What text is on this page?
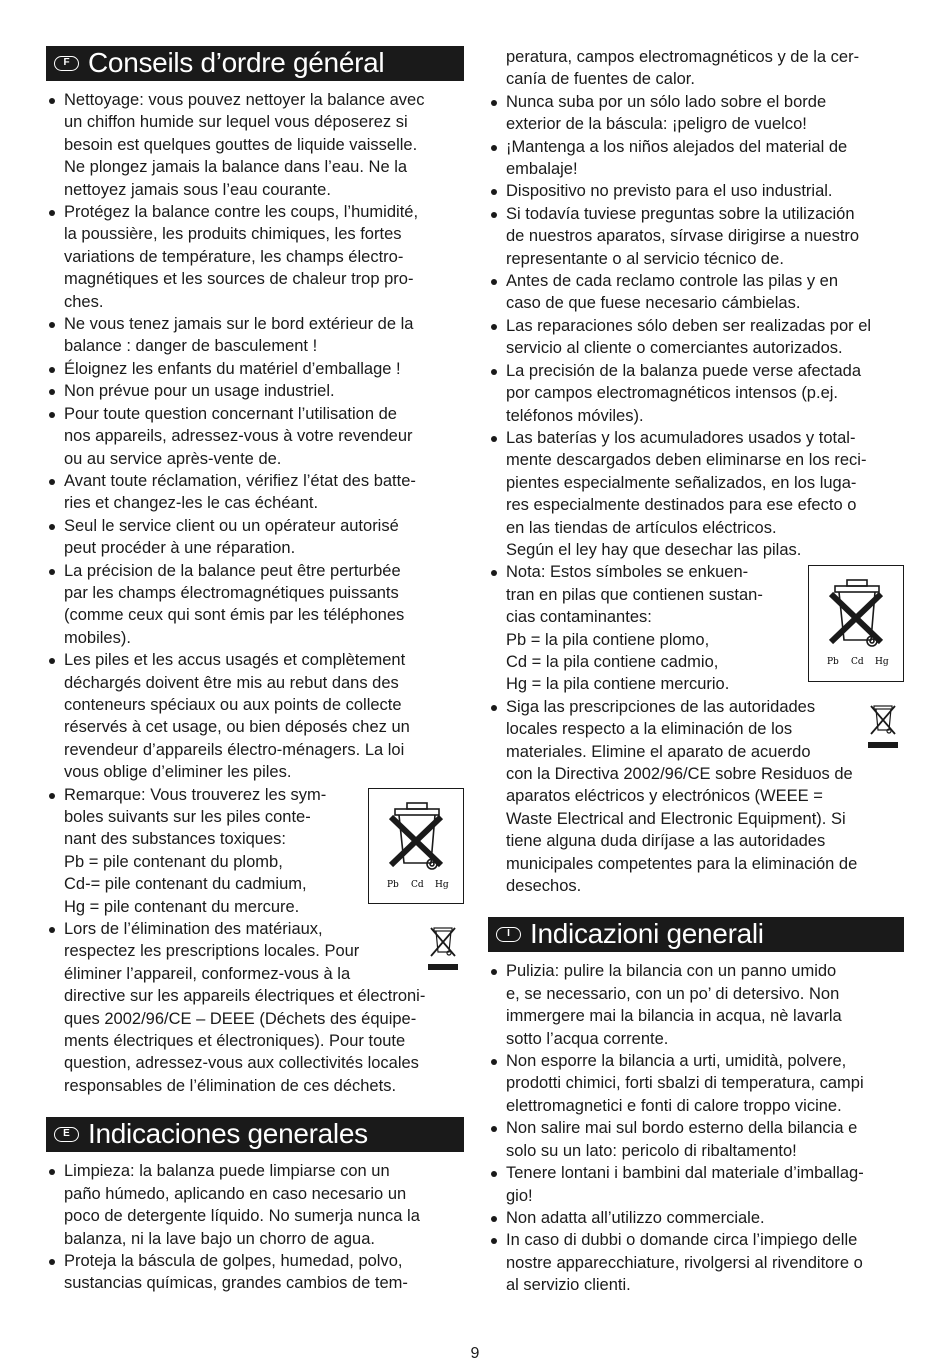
F Conseils d’ordre général
Nettoyage: vous pouvez nettoyer la balance avec
un chiffon humide sur lequel vous déposerez si
besoin est quelques gouttes de liquide vaisselle.
Ne plongez jamais la balance dans l’eau. Ne la
nettoyez jamais sous l’eau courante.
Protégez la balance contre les coups, l’humidité,
la poussière, les produits chimiques, les fortes
variations de température, les champs électro-
magnétiques et les sources de chaleur trop pro-
ches.
Ne vous tenez jamais sur le bord extérieur de la
balance : danger de basculement !
Éloignez les enfants du matériel d’emballage !
Non prévue pour un usage industriel.
Pour toute question concernant l’utilisation de
nos appareils, adressez-vous à votre revendeur
ou au service après-vente de.
Avant toute réclamation, vérifiez l’état des batte-
ries et changez-les le cas échéant.
Seul le service client ou un opérateur autorisé
peut procéder à une réparation.
La précision de la balance peut être perturbée
par les champs électromagnétiques puissants
(comme ceux qui sont émis par les téléphones
mobiles).
Les piles et les accus usagés et complètement
déchargés doivent être mis au rebut dans des
conteneurs spéciaux ou aux points de collecte
réservés à cet usage, ou bien déposés chez un
revendeur d’appareils électro-ménagers. La loi
vous oblige d’eliminer les piles.
Pb Cd Hg
Remarque: Vous trouverez les sym-
boles suivants sur les piles conte-
nant des substances toxiques:
Pb = pile contenant du plomb,
Cd-= pile contenant du cadmium,
Hg = pile contenant du mercure.
Lors de l’élimination des matériaux,
respectez les prescriptions locales. Pour
éliminer l’appareil, conformez-vous à la
directive sur les appareils électriques et électroni-
ques 2002/96/CE – DEEE (Déchets des équipe-
ments électriques et électroniques). Pour toute
question, adressez-vous aux collectivités locales
responsables de l’élimination de ces déchets.
E Indicaciones generales
Limpieza: la balanza puede limpiarse con un
paño húmedo, aplicando en caso necesario un
poco de detergente líquido. No sumerja nunca la
balanza, ni la lave bajo un chorro de agua.
Proteja la báscula de golpes, humedad, polvo,
sustancias químicas, grandes cambios de tem-
peratura, campos electromagnéticos y de la cer-
canía de fuentes de calor.
Nunca suba por un sólo lado sobre el borde
exterior de la báscula: ¡peligro de vuelco!
¡Mantenga a los niños alejados del material de
embalaje!
Dispositivo no previsto para el uso industrial.
Si todavía tuviese preguntas sobre la utilización
de nuestros aparatos, sírvase dirigirse a nuestro
representante o al servicio técnico de.
Antes de cada reclamo controle las pilas y en
caso de que fuese necesario cámbielas.
Las reparaciones sólo deben ser realizadas por el
servicio al cliente o comerciantes autorizados.
La precisión de la balanza puede verse afectada
por campos electromagnéticos intensos (p.ej.
teléfonos móviles).
Las baterías y los acumuladores usados y total-
mente descargados deben eliminarse en los reci-
pientes especialmente señalizados, en los luga-
res especialmente destinados para ese efecto o
en las tiendas de artículos eléctricos.
Según el ley hay que desechar las pilas.
Pb Cd Hg
Nota: Estos símboles se enkuen-
tran en pilas que contienen sustan-
cias contaminantes:
Pb = la pila contiene plomo,
Cd = la pila contiene cadmio,
Hg = la pila contiene mercurio.
Siga las prescripciones de las autoridades
locales respecto a la eliminación de los
materiales. Elimine el aparato de acuerdo
con la Directiva 2002/96/CE sobre Residuos de
aparatos eléctricos y electrónicos (WEEE =
Waste Electrical and Electronic Equipment). Si
tiene alguna duda diríjase a las autoridades
municipales competentes para la eliminación de
desechos.
I Indicazioni generali
Pulizia: pulire la bilancia con un panno umido
e, se necessario, con un po’ di detersivo. Non
immergere mai la bilancia in acqua, nè lavarla
sotto l’acqua corrente.
Non esporre la bilancia a urti, umidità, polvere,
prodotti chimici, forti sbalzi di temperatura, campi
elettromagnetici e fonti di calore troppo vicine.
Non salire mai sul bordo esterno della bilancia e
solo su un lato: pericolo di ribaltamento!
Tenere lontani i bambini dal materiale d’imballag-
gio!
Non adatta all’utilizzo commerciale.
In caso di dubbi o domande circa l’impiego delle
nostre apparecchiature, rivolgersi al rivenditore o
al servizio clienti.
9
